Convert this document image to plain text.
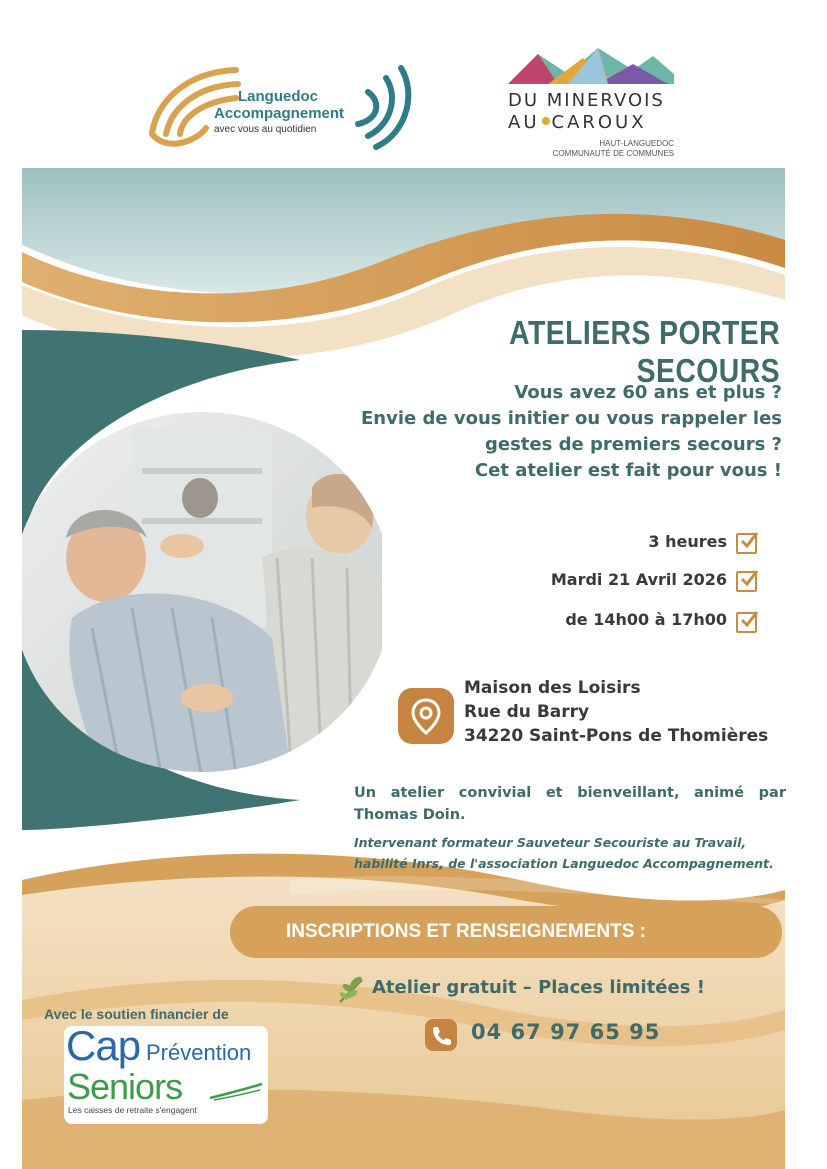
Languedoc
Accompagnement
avec vous au quotidien
DU MINERVOIS
AU CAROUX
HAUT-LANGUEDOC
COMMUNAUTÉ DE COMMUNES
ATELIERS PORTER SECOURS
Vous avez 60 ans et plus ?
Envie de vous initier ou vous rappeler les
gestes de premiers secours ?
Cet atelier est fait pour vous !
3 heures
Mardi 21 Avril 2026
de 14h00 à 17h00
Maison des Loisirs
Rue du Barry
34220 Saint-Pons de Thomières
Un atelier convivial et bienveillant, animé par Thomas Doin.
Intervenant formateur Sauveteur Secouriste au Travail, habilité Inrs, de l'association Languedoc Accompagnement.
INSCRIPTIONS ET RENSEIGNEMENTS :
Atelier gratuit – Places limitées !
04 67 97 65 95
Avec le soutien financier de
Cap Prévention
Seniors
Les caisses de retraite s'engagent
